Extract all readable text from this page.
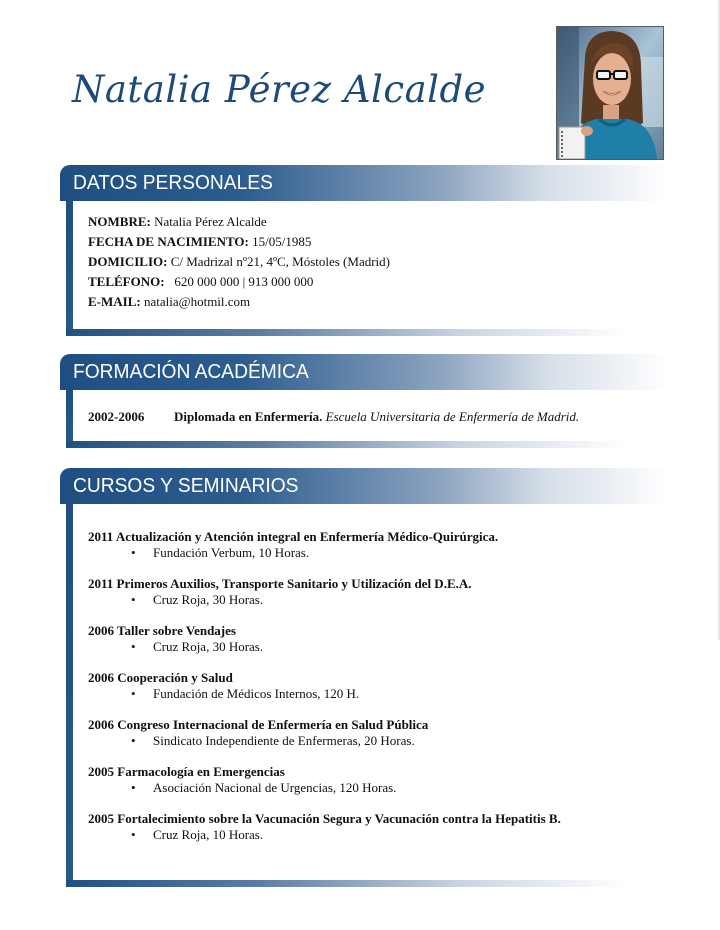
Natalia Pérez Alcalde
DATOS PERSONALES
NOMBRE: Natalia Pérez Alcalde
FECHA DE NACIMIENTO: 15/05/1985
DOMICILIO: C/ Madrizal nº21, 4ºC, Móstoles (Madrid)
TELÉFONO: 620 000 000 | 913 000 000
E-MAIL: natalia@hotmil.com
FORMACIÓN ACADÉMICA
2002-2006 Diplomada en Enfermería. Escuela Universitaria de Enfermería de Madrid.
CURSOS Y SEMINARIOS
2011 Actualización y Atención integral en Enfermería Médico-Quirúrgica.
• Fundación Verbum, 10 Horas.
2011 Primeros Auxilios, Transporte Sanitario y Utilización del D.E.A.
• Cruz Roja, 30 Horas.
2006 Taller sobre Vendajes
• Cruz Roja, 30 Horas.
2006 Cooperación y Salud
• Fundación de Médicos Internos, 120 H.
2006 Congreso Internacional de Enfermería en Salud Pública
• Sindicato Independiente de Enfermeras, 20 Horas.
2005 Farmacología en Emergencias
• Asociación Nacional de Urgencias, 120 Horas.
2005 Fortalecimiento sobre la Vacunación Segura y Vacunación contra la Hepatitis B.
• Cruz Roja, 10 Horas.
